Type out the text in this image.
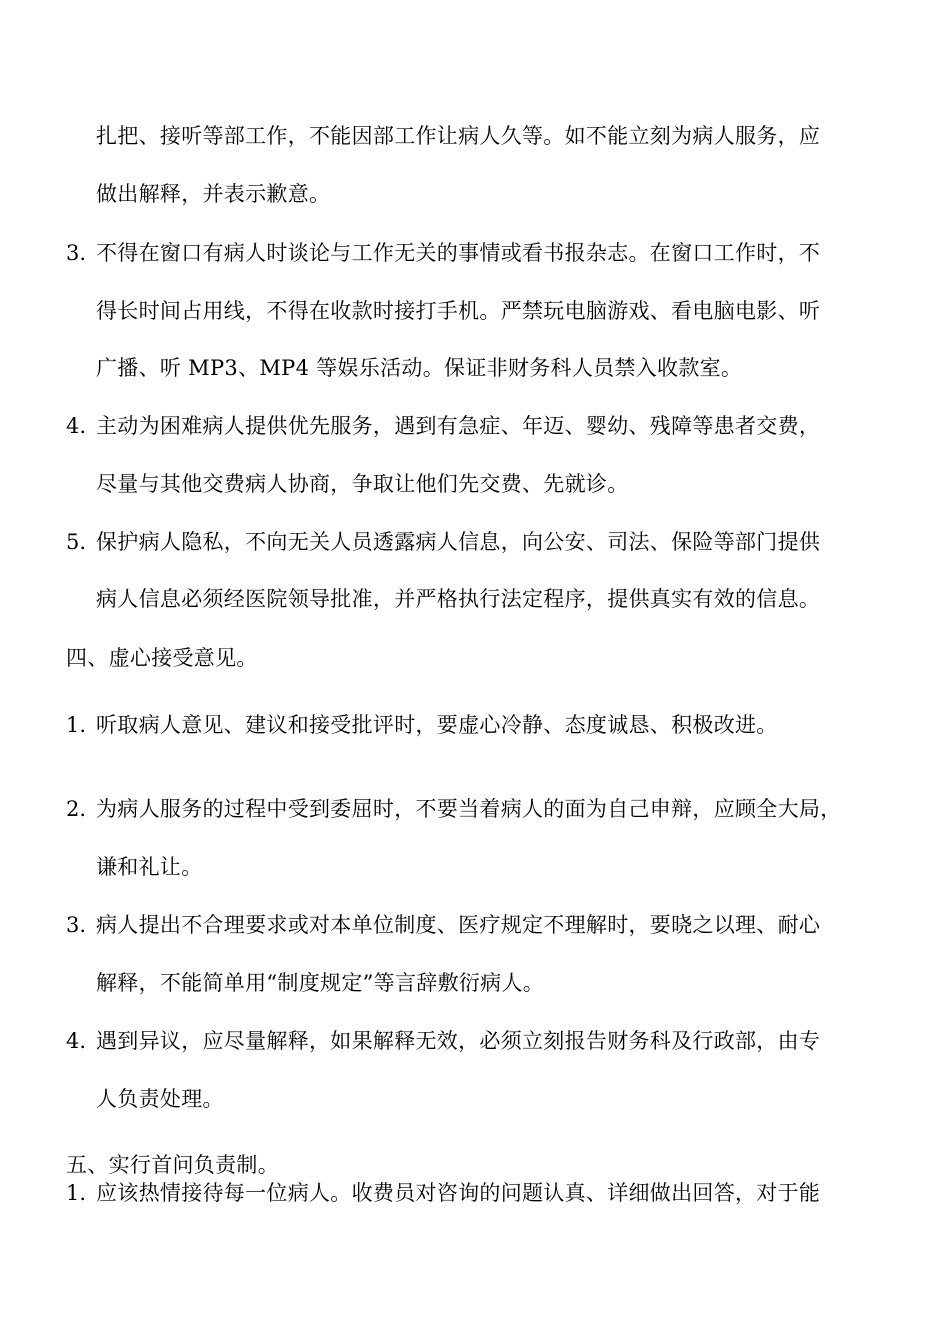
扎把、接听等部工作，不能因部工作让病人久等。如不能立刻为病人服务，应
做出解释，并表示歉意。
3. 不得在窗口有病人时谈论与工作无关的事情或看书报杂志。在窗口工作时，不
得长时间占用线，不得在收款时接打手机。严禁玩电脑游戏、看电脑电影、听
广播、听 MP3、MP4 等娱乐活动。保证非财务科人员禁入收款室。
4. 主动为困难病人提供优先服务，遇到有急症、年迈、婴幼、残障等患者交费，
尽量与其他交费病人协商，争取让他们先交费、先就诊。
5. 保护病人隐私，不向无关人员透露病人信息，向公安、司法、保险等部门提供
病人信息必须经医院领导批准，并严格执行法定程序，提供真实有效的信息。
四、虚心接受意见。
1. 听取病人意见、建议和接受批评时，要虚心冷静、态度诚恳、积极改进。
2. 为病人服务的过程中受到委屈时，不要当着病人的面为自己申辩，应顾全大局，
谦和礼让。
3. 病人提出不合理要求或对本单位制度、医疗规定不理解时，要晓之以理、耐心
解释，不能简单用“制度规定”等言辞敷衍病人。
4. 遇到异议，应尽量解释，如果解释无效，必须立刻报告财务科及行政部，由专
人负责处理。
五、实行首问负责制。
1. 应该热情接待每一位病人。收费员对咨询的问题认真、详细做出回答，对于能
